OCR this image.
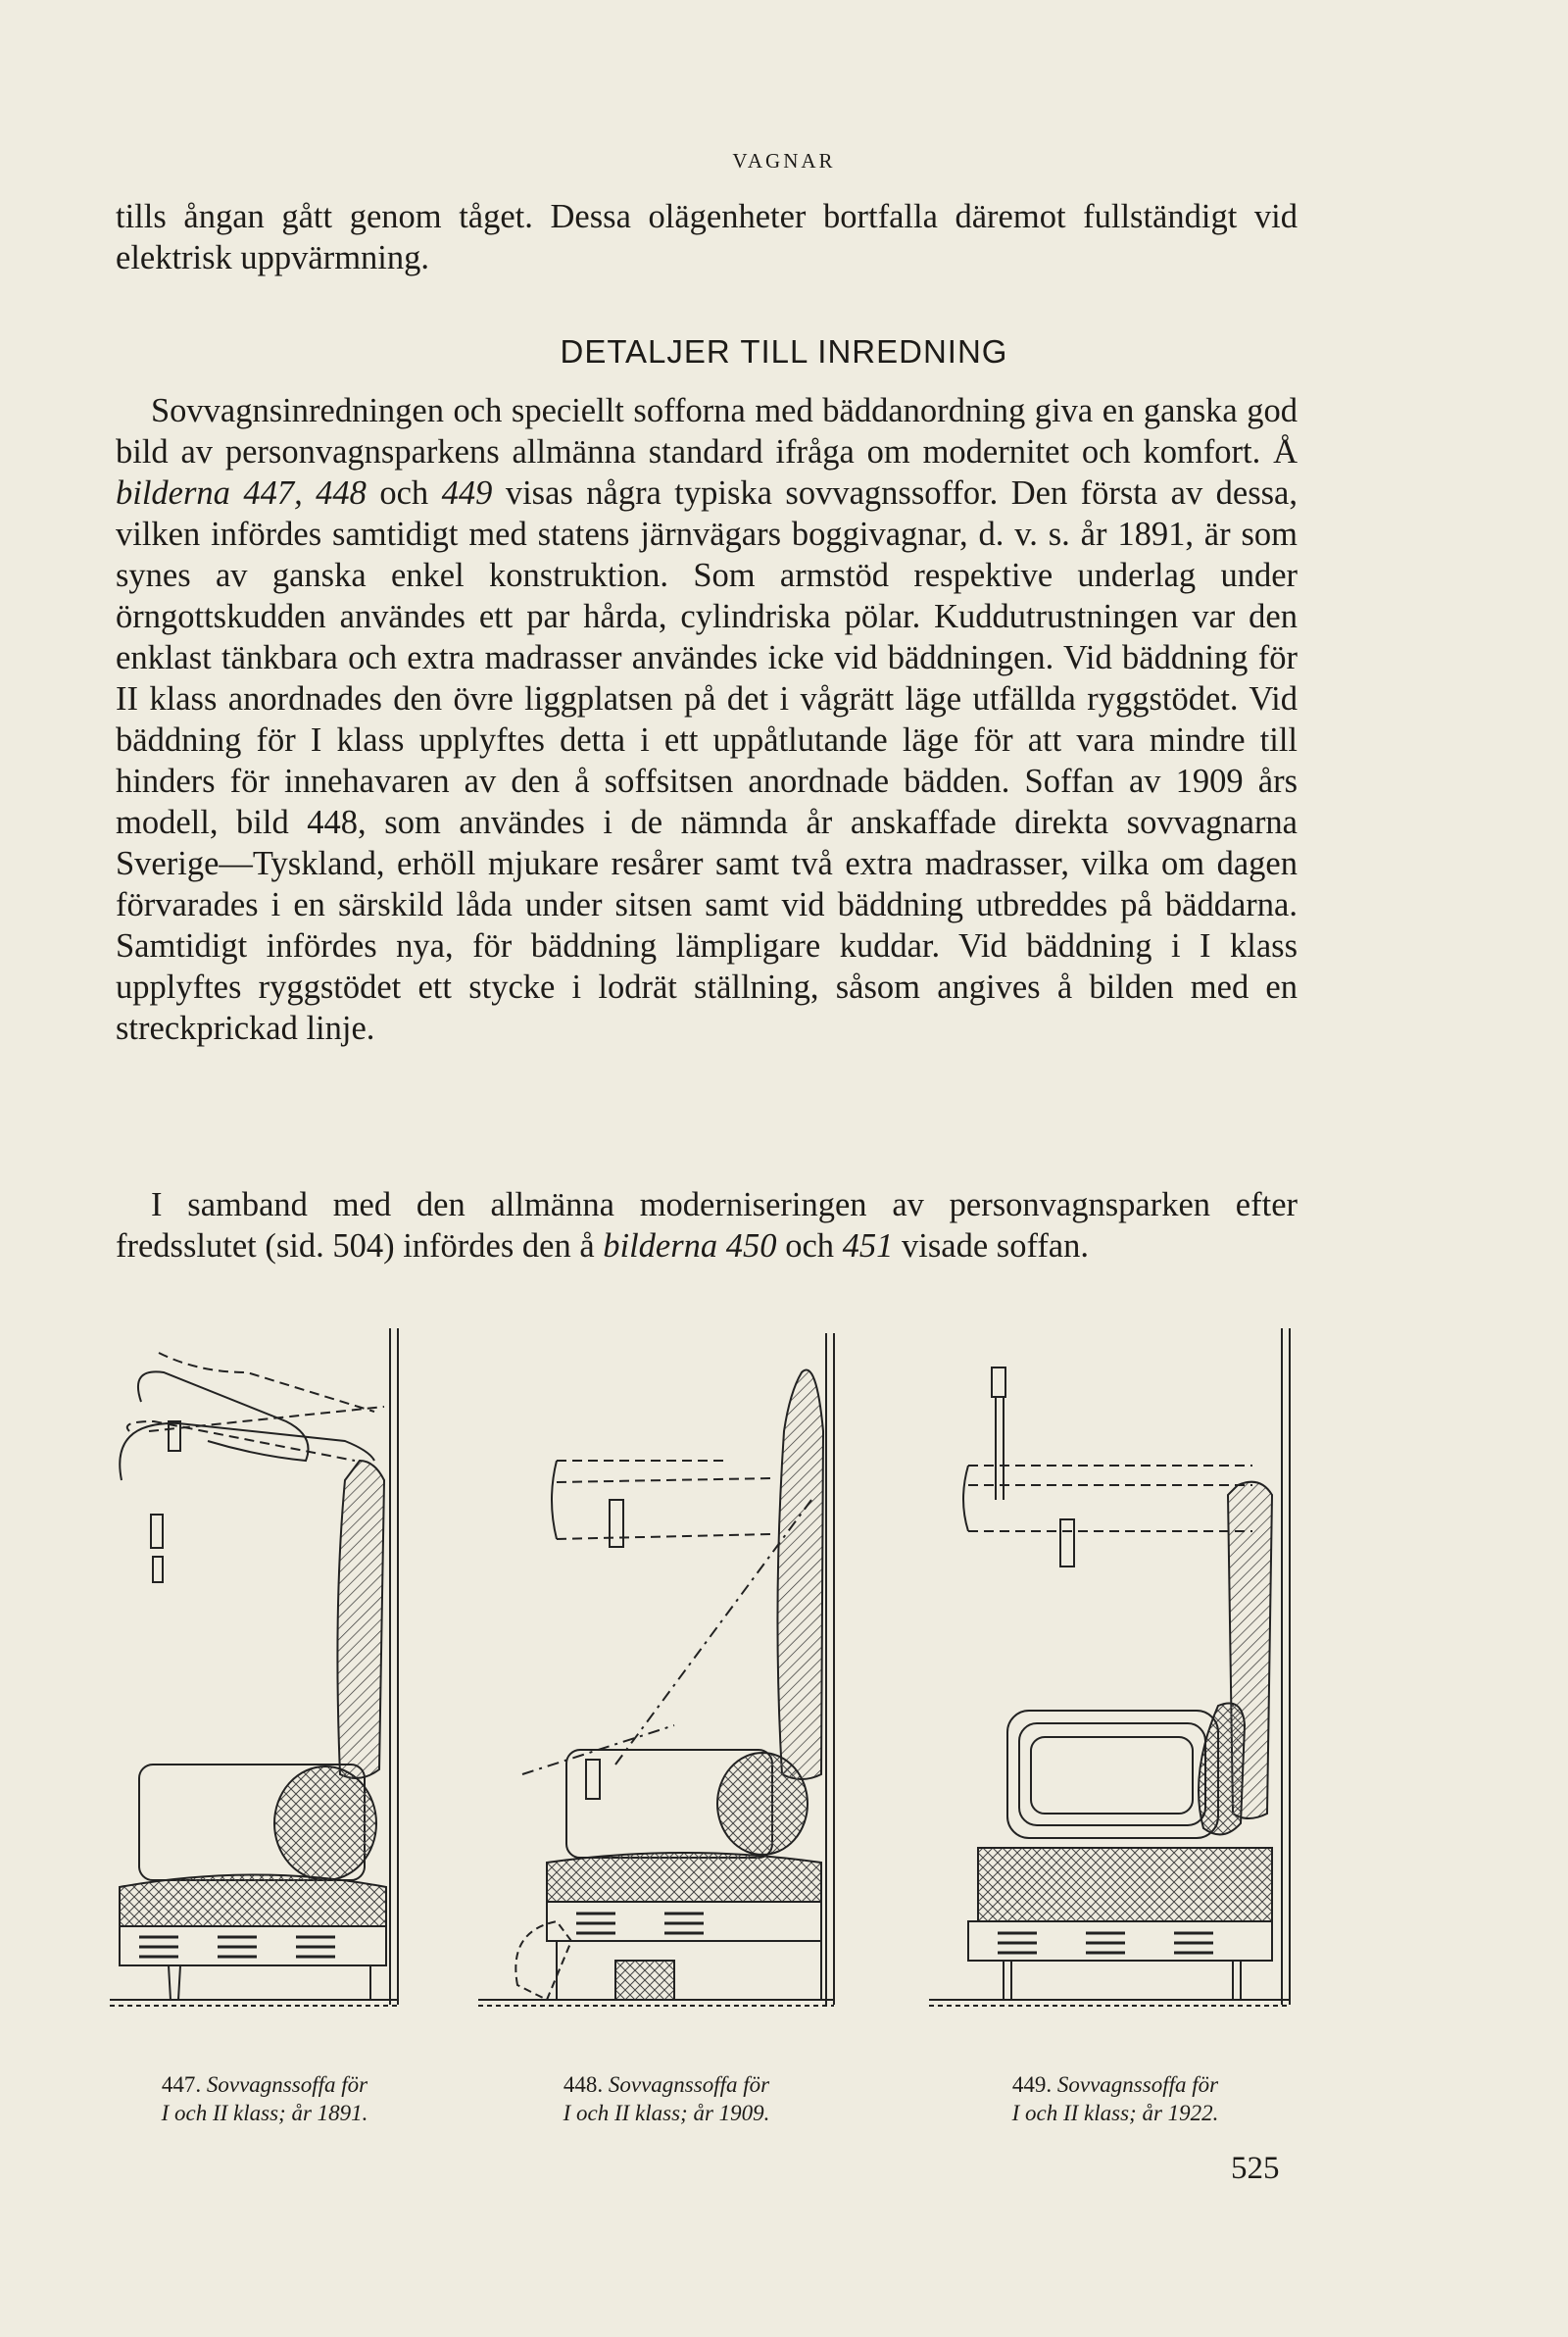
VAGNAR

tills ångan gått genom tåget. Dessa olägenheter bortfalla däremot fullständigt vid elektrisk uppvärmning.

DETALJER TILL INREDNING

Sovvagnsinredningen och speciellt sofforna med bäddanordning giva en ganska god bild av personvagnsparkens allmänna standard ifråga om modernitet och komfort. Å bilderna 447, 448 och 449 visas några typiska sovvagnssoffor. Den första av dessa, vilken infördes samtidigt med statens järnvägars boggivagnar, d. v. s. år 1891, är som synes av ganska enkel konstruktion. Som armstöd respektive underlag under örngottskudden användes ett par hårda, cylindriska pölar. Kuddutrustningen var den enklast tänkbara och extra madrasser användes icke vid bäddningen. Vid bäddning för II klass anordnades den övre liggplatsen på det i vågrätt läge utfällda ryggstödet. Vid bäddning för I klass upplyftes detta i ett uppåtlutande läge för att vara mindre till hinders för innehavaren av den å soffsitsen anordnade bädden. Soffan av 1909 års modell, bild 448, som användes i de nämnda år anskaffade direkta sovvagnarna Sverige—Tyskland, erhöll mjukare resårer samt två extra madrasser, vilka om dagen förvarades i en särskild låda under sitsen samt vid bäddning utbreddes på bäddarna. Samtidigt infördes nya, för bäddning lämpligare kuddar. Vid bäddning i I klass upplyftes ryggstödet ett stycke i lodrät ställning, såsom angives å bilden med en streckprickad linje.

I samband med den allmänna moderniseringen av personvagnsparken efter fredsslutet (sid. 504) infördes den å bilderna 450 och 451 visade soffan.

447. Sovvagnssoffa för
I och II klass; år 1891.
448. Sovvagnssoffa för
I och II klass; år 1909.
449. Sovvagnssoffa för
I och II klass; år 1922.
525
